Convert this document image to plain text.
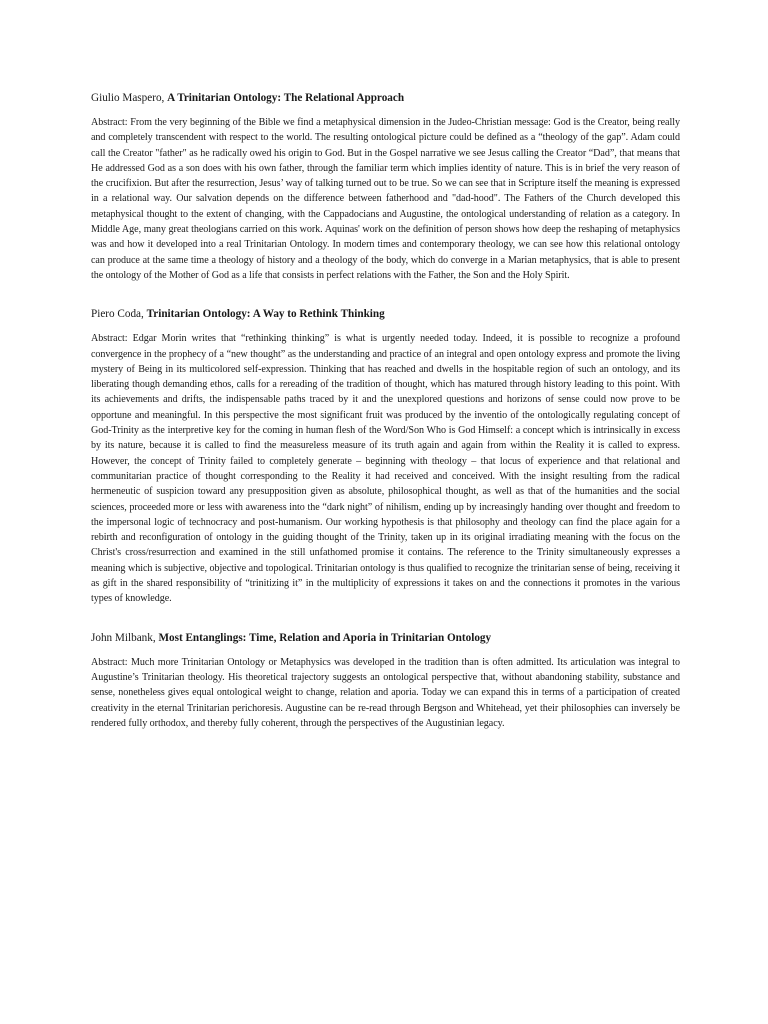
Giulio Maspero, A Trinitarian Ontology: The Relational Approach

Abstract: From the very beginning of the Bible we find a metaphysical dimension in the Judeo-Christian message: God is the Creator, being really and completely transcendent with respect to the world. The resulting ontological picture could be defined as a “theology of the gap”. Adam could call the Creator "father" as he radically owed his origin to God. But in the Gospel narrative we see Jesus calling the Creator “Dad”, that means that He addressed God as a son does with his own father, through the familiar term which implies identity of nature. This is in brief the very reason of the crucifixion. But after the resurrection, Jesus’ way of talking turned out to be true. So we can see that in Scripture itself the meaning is expressed in a relational way. Our salvation depends on the difference between fatherhood and "dad-hood". The Fathers of the Church developed this metaphysical thought to the extent of changing, with the Cappadocians and Augustine, the ontological understanding of relation as a category. In Middle Age, many great theologians carried on this work. Aquinas' work on the definition of person shows how deep the reshaping of metaphysics was and how it developed into a real Trinitarian Ontology. In modern times and contemporary theology, we can see how this relational ontology can produce at the same time a theology of history and a theology of the body, which do converge in a Marian metaphysics, that is able to present the ontology of the Mother of God as a life that consists in perfect relations with the Father, the Son and the Holy Spirit.

Piero Coda, Trinitarian Ontology: A Way to Rethink Thinking

Abstract: Edgar Morin writes that “rethinking thinking” is what is urgently needed today. Indeed, it is possible to recognize a profound convergence in the prophecy of a “new thought” as the understanding and practice of an integral and open ontology express and promote the living mystery of Being in its multicolored self-expression. Thinking that has reached and dwells in the hospitable region of such an ontology, and its liberating though demanding ethos, calls for a rereading of the tradition of thought, which has matured through history leading to this point. With its achievements and drifts, the indispensable paths traced by it and the unexplored questions and horizons of sense could now prove to be opportune and meaningful. In this perspective the most significant fruit was produced by the inventio of the ontologically regulating concept of God-Trinity as the interpretive key for the coming in human flesh of the Word/Son Who is God Himself: a concept which is intrinsically in excess by its nature, because it is called to find the measureless measure of its truth again and again from within the Reality it is called to express. However, the concept of Trinity failed to completely generate – beginning with theology – that locus of experience and that relational and communitarian practice of thought corresponding to the Reality it had received and conceived. With the insight resulting from the radical hermeneutic of suspicion toward any presupposition given as absolute, philosophical thought, as well as that of the humanities and the social sciences, proceeded more or less with awareness into the “dark night” of nihilism, ending up by increasingly handing over thought and freedom to the impersonal logic of technocracy and post-humanism. Our working hypothesis is that philosophy and theology can find the place again for a rebirth and reconfiguration of ontology in the guiding thought of the Trinity, taken up in its original irradiating meaning with the focus on the Christ's cross/resurrection and examined in the still unfathomed promise it contains. The reference to the Trinity simultaneously expresses a meaning which is subjective, objective and topological. Trinitarian ontology is thus qualified to recognize the trinitarian sense of being, receiving it as gift in the shared responsibility of “trinitizing it” in the multiplicity of expressions it takes on and the connections it promotes in the various types of knowledge.

John Milbank, Most Entanglings: Time, Relation and Aporia in Trinitarian Ontology

Abstract: Much more Trinitarian Ontology or Metaphysics was developed in the tradition than is often admitted. Its articulation was integral to Augustine’s Trinitarian theology. His theoretical trajectory suggests an ontological perspective that, without abandoning stability, substance and sense, nonetheless gives equal ontological weight to change, relation and aporia. Today we can expand this in terms of a participation of created creativity in the eternal Trinitarian perichoresis. Augustine can be re-read through Bergson and Whitehead, yet their philosophies can inversely be rendered fully orthodox, and thereby fully coherent, through the perspectives of the Augustinian legacy.
